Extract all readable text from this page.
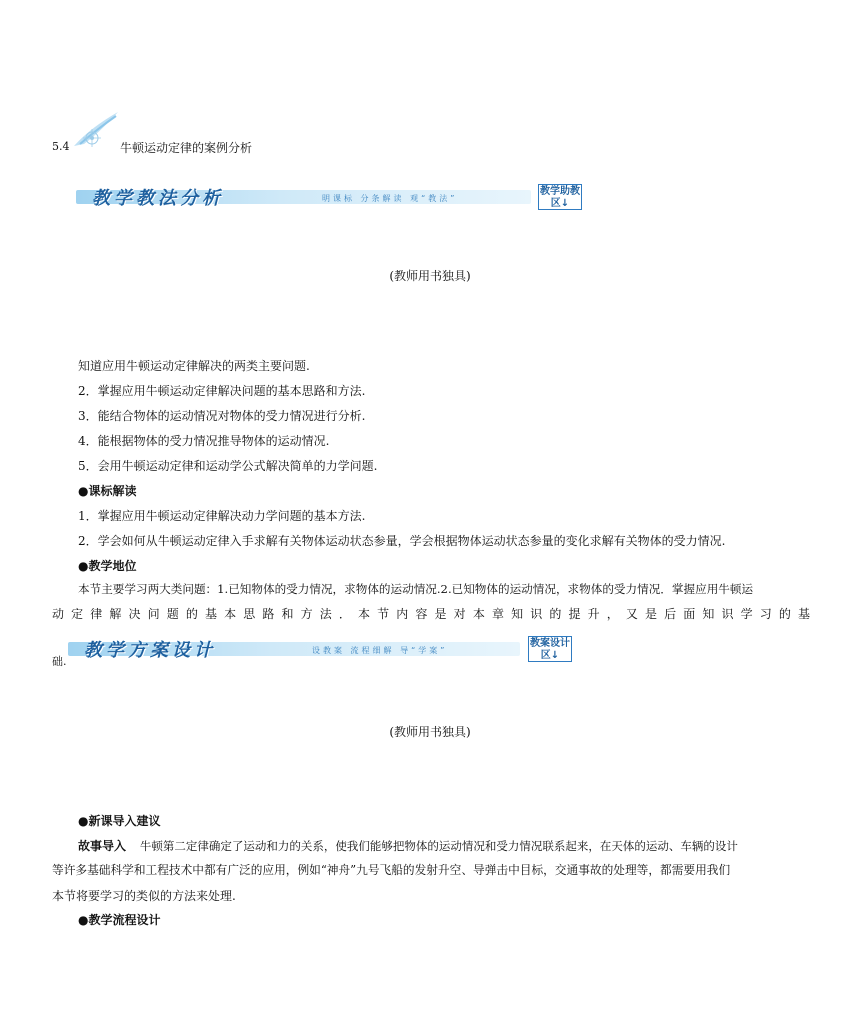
5.4	牛顿运动定律的案例分析
教学教法分析	明课标 分条解读 观“教法”
教学助教区↓
(教师用书独具)
知道应用牛顿运动定律解决的两类主要问题.
2．掌握应用牛顿运动定律解决问题的基本思路和方法.
3．能结合物体的运动情况对物体的受力情况进行分析.
4．能根据物体的受力情况推导物体的运动情况.
5．会用牛顿运动定律和运动学公式解决简单的力学问题.
●课标解读
1．掌握应用牛顿运动定律解决动力学问题的基本方法.
2．学会如何从牛顿运动定律入手求解有关物体运动状态参量，学会根据物体运动状态参量的变化求解有关物体的受力情况.
●教学地位
本节主要学习两大类问题：1.已知物体的受力情况，求物体的运动情况.2.已知物体的运动情况，求物体的受力情况．掌握应用牛顿运
动定律解决问题的基本思路和方法．本节内容是对本章知识的提升，又是后面知识学习的基
础.
教学方案设计	设教案 流程细解 导“学案”
教案设计区↓
(教师用书独具)
●新课导入建议
故事导入 牛顿第二定律确定了运动和力的关系，使我们能够把物体的运动情况和受力情况联系起来，在天体的运动、车辆的设计
等许多基础科学和工程技术中都有广泛的应用，例如“神舟”九号飞船的发射升空、导弹击中目标，交通事故的处理等，都需要用我们
本节将要学习的类似的方法来处理.
●教学流程设计
